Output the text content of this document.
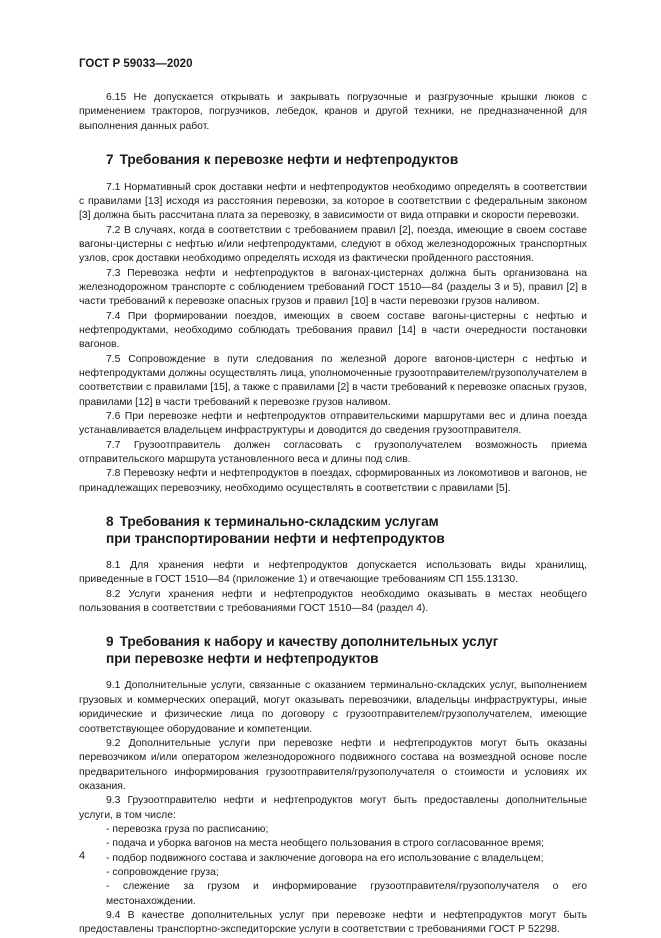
ГОСТ Р 59033—2020

6.15 Не допускается открывать и закрывать погрузочные и разгрузочные крышки люков с применением тракторов, погрузчиков, лебедок, кранов и другой техники, не предназначенной для выполнения данных работ.

7 Требования к перевозке нефти и нефтепродуктов

7.1 Нормативный срок доставки нефти и нефтепродуктов необходимо определять в соответствии с правилами [13] исходя из расстояния перевозки, за которое в соответствии с федеральным законом [3] должна быть рассчитана плата за перевозку, в зависимости от вида отправки и скорости перевозки.

7.2 В случаях, когда в соответствии с требованием правил [2], поезда, имеющие в своем составе вагоны-цистерны с нефтью и/или нефтепродуктами, следуют в обход железнодорожных транспортных узлов, срок доставки необходимо определять исходя из фактически пройденного расстояния.

7.3 Перевозка нефти и нефтепродуктов в вагонах-цистернах должна быть организована на железнодорожном транспорте с соблюдением требований ГОСТ 1510—84 (разделы 3 и 5), правил [2] в части требований к перевозке опасных грузов и правил [10] в части перевозки грузов наливом.

7.4 При формировании поездов, имеющих в своем составе вагоны-цистерны с нефтью и нефтепродуктами, необходимо соблюдать требования правил [14] в части очередности постановки вагонов.

7.5 Сопровождение в пути следования по железной дороге вагонов-цистерн с нефтью и нефтепродуктами должны осуществлять лица, уполномоченные грузоотправителем/грузополучателем в соответствии с правилами [15], а также с правилами [2] в части требований к перевозке опасных грузов, правилами [12] в части требований к перевозке грузов наливом.

7.6 При перевозке нефти и нефтепродуктов отправительскими маршрутами вес и длина поезда устанавливается владельцем инфраструктуры и доводится до сведения грузоотправителя.

7.7 Грузоотправитель должен согласовать с грузополучателем возможность приема отправительского маршрута установленного веса и длины под слив.

7.8 Перевозку нефти и нефтепродуктов в поездах, сформированных из локомотивов и вагонов, не принадлежащих перевозчику, необходимо осуществлять в соответствии с правилами [5].

8 Требования к терминально-складским услугам
при транспортировании нефти и нефтепродуктов

8.1 Для хранения нефти и нефтепродуктов допускается использовать виды хранилищ, приведенные в ГОСТ 1510—84 (приложение 1) и отвечающие требованиям СП 155.13130.

8.2 Услуги хранения нефти и нефтепродуктов необходимо оказывать в местах необщего пользования в соответствии с требованиями ГОСТ 1510—84 (раздел 4).

9 Требования к набору и качеству дополнительных услуг
при перевозке нефти и нефтепродуктов

9.1 Дополнительные услуги, связанные с оказанием терминально-складских услуг, выполнением грузовых и коммерческих операций, могут оказывать перевозчики, владельцы инфраструктуры, иные юридические и физические лица по договору с грузоотправителем/грузополучателем, имеющие соответствующее оборудование и компетенции.

9.2 Дополнительные услуги при перевозке нефти и нефтепродуктов могут быть оказаны перевозчиком и/или оператором железнодорожного подвижного состава на возмездной основе после предварительного информирования грузоотправителя/грузополучателя о стоимости и условиях их оказания.

9.3 Грузоотправителю нефти и нефтепродуктов могут быть предоставлены дополнительные услуги, в том числе:

- перевозка груза по расписанию;
- подача и уборка вагонов на места необщего пользования в строго согласованное время;
- подбор подвижного состава и заключение договора на его использование с владельцем;
- сопровождение груза;
- слежение за грузом и информирование грузоотправителя/грузополучателя о его местонахождении.

9.4 В качестве дополнительных услуг при перевозке нефти и нефтепродуктов могут быть предоставлены транспортно-экспедиторские услуги в соответствии с требованиями ГОСТ Р 52298.

4
